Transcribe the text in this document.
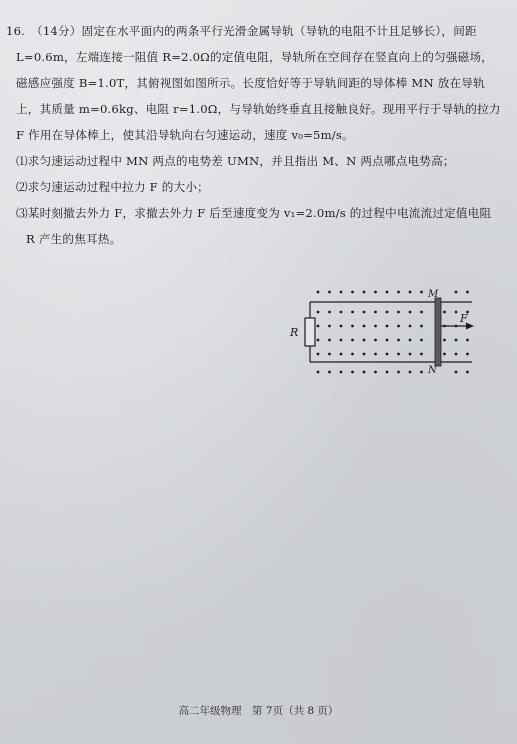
16. （14分）固定在水平面内的两条平行光滑金属导轨（导轨的电阻不计且足够长），间距
L=0.6m，左端连接一阻值 R=2.0Ω的定值电阻，导轨所在空间存在竖直向上的匀强磁场，
磁感应强度 B=1.0T，其俯视图如图所示。长度恰好等于导轨间距的导体棒 MN 放在导轨
上，其质量 m=0.6kg、电阻 r=1.0Ω，与导轨始终垂直且接触良好。现用平行于导轨的拉力
F 作用在导体棒上，使其沿导轨向右匀速运动，速度 v₀=5m/s。
⑴求匀速运动过程中 MN 两点的电势差 UMN，并且指出 M、N 两点哪点电势高；
⑵求匀速运动过程中拉力 F 的大小；
⑶某时刻撤去外力 F，求撤去外力 F 后至速度变为 v₁=2.0m/s 的过程中电流流过定值电阻
R 产生的焦耳热。
R
M
N
F
高二年级物理　第 7页（共 8 页）
